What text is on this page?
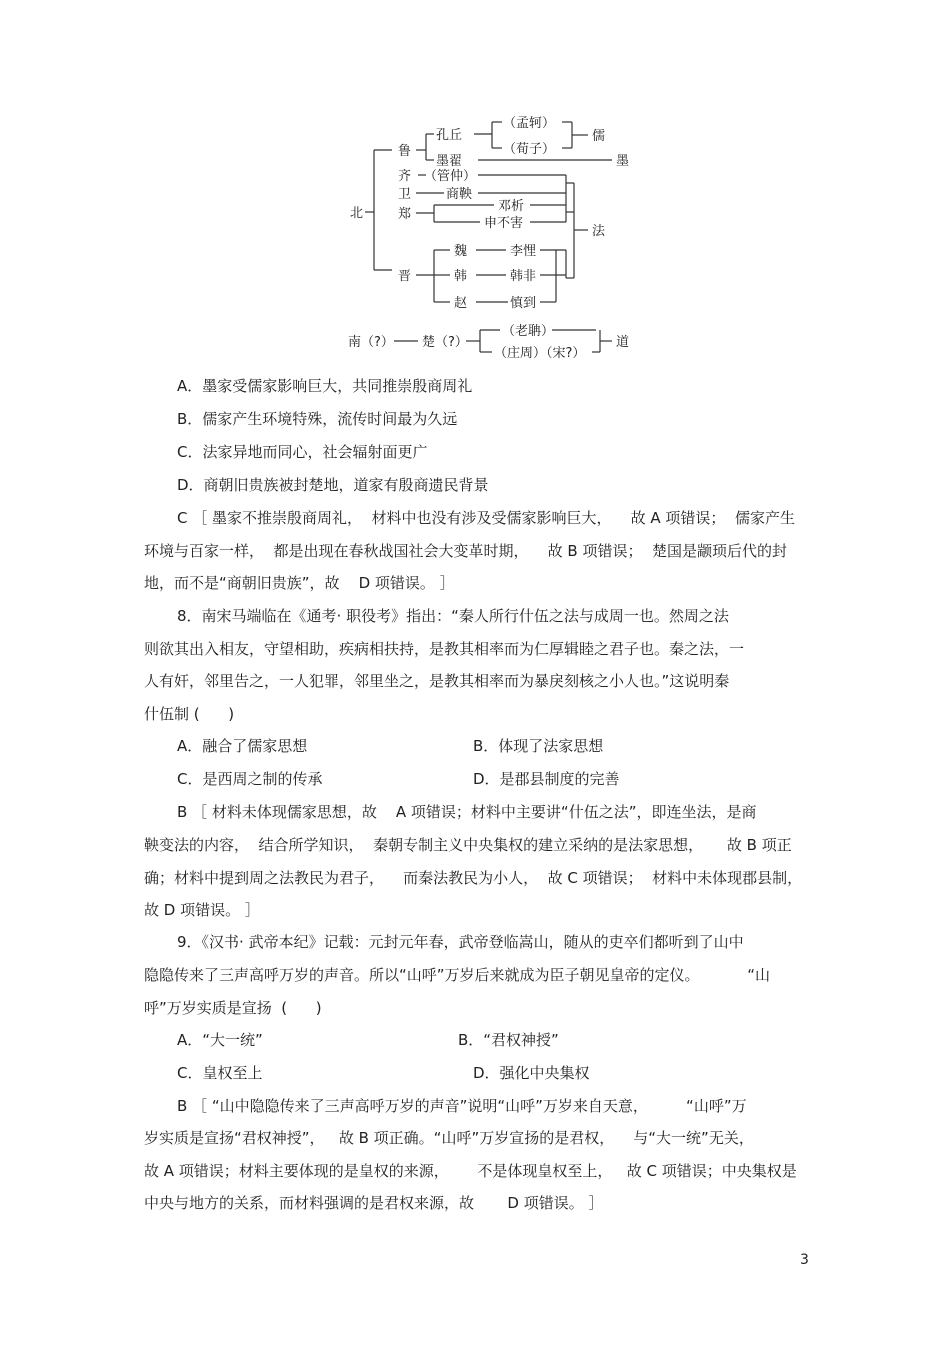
北
鲁
孔丘
（孟轲）
（荀子）
儒
墨翟	墨
齐 （管仲）
卫	商鞅
郑
邓析
申不害
法
晋
魏	李悝
韩	韩非
赵	慎到
南（?） 楚（?）
（老聃）
（庄周）（宋?）
道
A．墨家受儒家影响巨大，共同推崇殷商周礼
B．儒家产生环境特殊，流传时间最为久远
C．法家异地而同心，社会辐射面更广
D．商朝旧贵族被封楚地，道家有殷商遗民背景
C ［ 墨家不推崇殷商周礼，  材料中也没有涉及受儒家影响巨大，    故 A 项错误；  儒家产生
环境与百家一样，  都是出现在春秋战国社会大变革时期，    故 B 项错误；  楚国是颛顼后代的封
地，而不是“商朝旧贵族”，故    D 项错误。 ］
8．南宋马端临在《通考· 职役考》指出：“秦人所行什伍之法与成周一也。然周之法
则欲其出入相友，守望相助，疾病相扶持，是教其相率而为仁厚辑睦之君子也。秦之法，一
人有奸，邻里告之，一人犯罪，邻里坐之，是教其相率而为暴戾刻核之小人也。”这说明秦
什伍制 (      )
A．融合了儒家思想	B．体现了法家思想
C．是西周之制的传承	D．是郡县制度的完善
B ［ 材料未体现儒家思想，故    A 项错误；材料中主要讲“什伍之法”，即连坐法，是商
鞅变法的内容，  结合所学知识，  秦朝专制主义中央集权的建立采纳的是法家思想，     故 B 项正
确；材料中提到周之法教民为君子，    而秦法教民为小人，  故 C 项错误；  材料中未体现郡县制，
故 D 项错误。 ］
9．《汉书· 武帝本纪》记载：元封元年春，武帝登临嵩山，随从的吏卒们都听到了山中
隐隐传来了三声高呼万岁的声音。所以“山呼”万岁后来就成为臣子朝见皇帝的定仪。          “山
呼”万岁实质是宣扬  (      )
A．“大一统”	B．“君权神授”
C．皇权至上	D．强化中央集权
B ［ “山中隐隐传来了三声高呼万岁的声音”说明“山呼”万岁来自天意，        “山呼”万
岁实质是宣扬“君权神授”，   故 B 项正确。“山呼”万岁宣扬的是君权，    与“大一统”无关，
故 A 项错误；材料主要体现的是皇权的来源，      不是体现皇权至上，   故 C 项错误；中央集权是
中央与地方的关系，而材料强调的是君权来源，故       D 项错误。 ］
3
